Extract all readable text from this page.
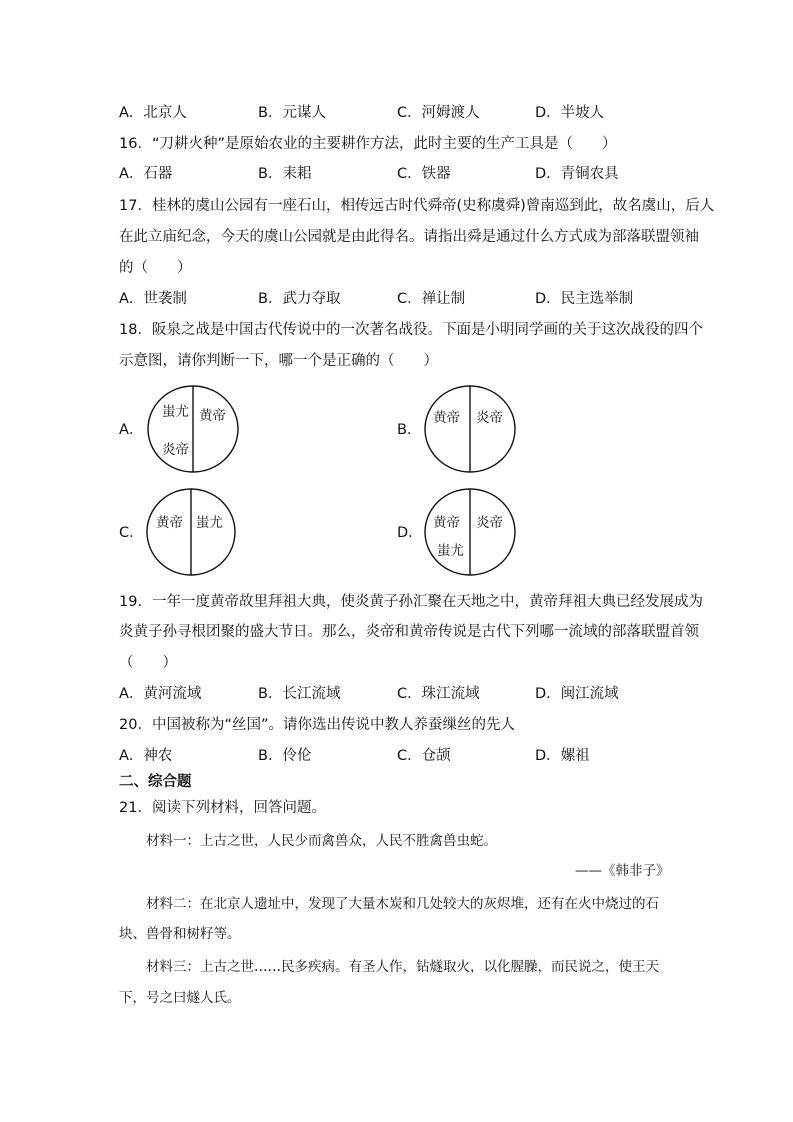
A．北京人	B．元谋人	C．河姆渡人	D．半坡人
16．“刀耕火种”是原始农业的主要耕作方法，此时主要的生产工具是（　　）
A．石器	B．耒耜	C．铁器	D．青铜农具
17．桂林的虞山公园有一座石山，相传远古时代舜帝(史称虞舜)曾南巡到此，故名虞山，后人
在此立庙纪念，今天的虞山公园就是由此得名。请指出舜是通过什么方式成为部落联盟领袖
的（　　）
A．世袭制	B．武力夺取	C．禅让制	D．民主选举制
18．阪泉之战是中国古代传说中的一次著名战役。下面是小明同学画的关于这次战役的四个
示意图，请你判断一下，哪一个是正确的（　　）
A．
蚩尤
炎帝
黄帝
B．
黄帝 炎帝
C．
黄帝 蚩尤
D．
黄帝
蚩尤
炎帝
19．一年一度黄帝故里拜祖大典，使炎黄子孙汇聚在天地之中，黄帝拜祖大典已经发展成为
炎黄子孙寻根团聚的盛大节日。那么，炎帝和黄帝传说是古代下列哪一流域的部落联盟首领
（　　）
A．黄河流域	B．长江流域	C．珠江流域	D．闽江流域
20．中国被称为“丝国”。请你选出传说中教人养蚕缫丝的先人
A．神农	B．伶伦	C．仓颉	D．嫘祖
二、综合题
21．阅读下列材料，回答问题。
材料一：上古之世，人民少而禽兽众，人民不胜禽兽虫蛇。
——《韩非子》
材料二：在北京人遗址中，发现了大量木炭和几处较大的灰烬堆，还有在火中烧过的石
块、兽骨和树籽等。
材料三：上古之世……民多疾病。有圣人作，钻燧取火，以化腥臊，而民说之，使王天
下，号之曰燧人氏。
